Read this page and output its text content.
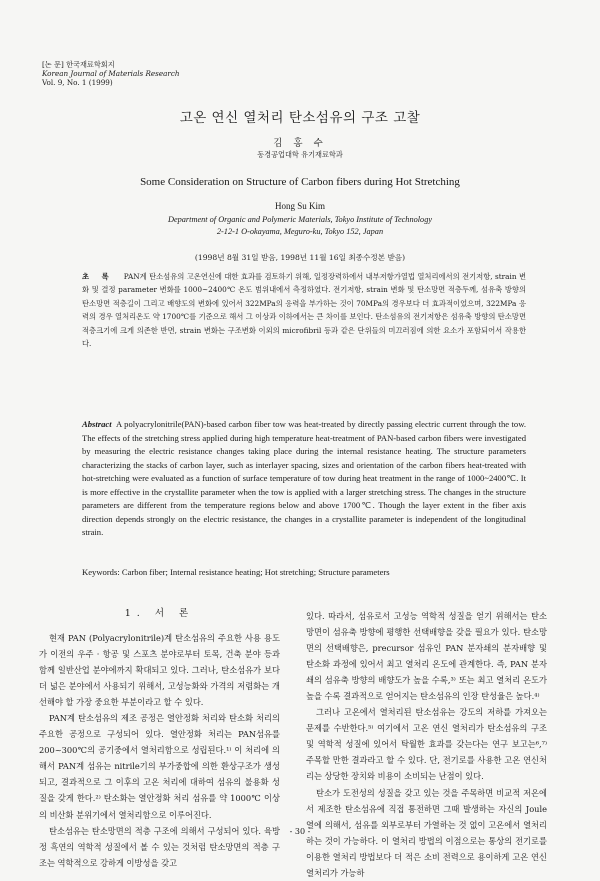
[논 문] 한국재료학회지
Korean Journal of Materials Research
Vol. 9, No. 1 (1999)
고온 연신 열처리 탄소섬유의 구조 고찰
김 홍 수
동경공업대학 유기재료학과
Some Consideration on Structure of Carbon fibers during Hot Stretching
Hong Su Kim
Department of Organic and Polymeric Materials, Tokyo Institute of Technology
2-12-1 O-okayama, Meguro-ku, Tokyo 152, Japan
(1998년 8월 31일 받음, 1998년 11월 16일 최종수정본 받음)
초 록 PAN계 탄소섬유의 고온연신에 대한 효과를 검토하기 위해, 일정장력하에서 내부저항가열법 열처리에서의 전기저항, strain 변화 및 결정 parameter 변화를 1000~2400℃ 온도 범위내에서 측정하였다. 전기저항, strain 변화 및 탄소망면 적층두께, 섬유축 방향의 탄소망면 적층길이 그리고 배향도의 변화에 있어서 322MPa의 응력을 부가하는 것이 70MPa의 경우보다 더 효과적이었으며, 322MPa 응력의 경우 열처리온도 약 1700℃를 기준으로 해서 그 이상과 이하에서는 큰 차이를 보인다. 탄소섬유의 전기저항은 섬유축 방향의 탄소망면 적층크기에 크게 의존한 반면, strain 변화는 구조변화 이외의 microfibril 등과 같은 단위들의 미끄러짐에 의한 요소가 포함되어서 작용한다.
Abstract A polyacrylonitrile(PAN)-based carbon fiber tow was heat-treated by directly passing electric current through the tow. The effects of the stretching stress applied during high temperature heat-treatment of PAN-based carbon fibers were investigated by measuring the electric resistance changes taking place during the internal resistance heating. The structure parameters characterizing the stacks of carbon layer, such as interlayer spacing, sizes and orientation of the carbon fibers heat-treated with hot-stretching were evaluated as a function of surface temperature of tow during heat treatment in the range of 1000~2400℃. It is more effective in the crystallite parameter when the tow is applied with a larger stretching stress. The changes in the structure parameters are different from the temperature regions below and above 1700℃. Though the layer extent in the fiber axis direction depends strongly on the electric resistance, the changes in a crystallite parameter is independent of the longitudinal strain.
Keywords: Carbon fiber; Internal resistance heating; Hot stretching; Structure parameters
1. 서 론

현재 PAN (Polyacrylonitrile)계 탄소섬유의 주요한 사용 용도가 이전의 우주 · 항공 및 스포츠 분야로부터 토목, 건축 분야 등과 함께 일반산업 분야에까지 확대되고 있다. 그러나, 탄소섬유가 보다 더 넓은 분야에서 사용되기 위해서, 고성능화와 가격의 저렴화는 개선해야 할 가장 중요한 부분이라고 할 수 있다.

PAN계 탄소섬유의 제조 공정은 열안정화 처리와 탄소화 처리의 주요한 공정으로 구성되어 있다. 열안정화 처리는 PAN섬유를 200~300℃의 공기중에서 열처리함으로 성립된다.¹⁾ 이 처리에 의해서 PAN계 섬유는 nitrile기의 부가중합에 의한 환상구조가 생성되고, 결과적으로 그 이후의 고온 처리에 대하여 섬유의 불용화 성질을 갖게 한다.²⁾ 탄소화는 열안정화 처리 섬유를 약 1000℃ 이상의 비산화 분위기에서 열처리함으로 이루어진다.

탄소섬유는 탄소망면의 적층 구조에 의해서 구성되어 있다. 육방정 흑연의 역학적 성질에서 볼 수 있는 것처럼 탄소망면의 적층 구조는 역학적으로 강하게 이방성을 갖고

있다. 따라서, 섬유로서 고성능 역학적 성질을 얻기 위해서는 탄소망면이 섬유축 방향에 평행한 선택배향을 갖을 필요가 있다. 탄소망면의 선택배향은, precursor 섬유인 PAN 분자쇄의 분자배향 및 탄소화 과정에 있어서 최고 열처리 온도에 관계한다. 즉, PAN 분자쇄의 섬유축 방향의 배향도가 높을 수록,³⁾ 또는 최고 열처리 온도가 높을 수록 결과적으로 얻어지는 탄소섬유의 인장 탄성율은 높다.⁴⁾

그러나 고온에서 열처리된 탄소섬유는 강도의 저하를 가져오는 문제를 수반한다.⁵⁾ 여기에서 고온 연신 열처리가 탄소섬유의 구조 및 역학적 성질에 있어서 탁월한 효과를 갖는다는 연구 보고는⁶,⁷⁾ 주목할 만한 결과라고 할 수 있다. 단, 전기로를 사용한 고온 연신처리는 상당한 장치와 비용이 소비되는 난점이 있다.

탄소가 도전성의 성질을 갖고 있는 것을 주목하면 비교적 저온에서 제조한 탄소섬유에 직접 통전하면 그때 발생하는 자신의 Joule열에 의해서, 섬유를 외부로부터 가열하는 것 없이 고온에서 열처리 하는 것이 가능하다. 이 열처리 방법의 이점으로는 통상의 전기로를 이용한 열처리 방법보다 더 적은 소비 전력으로 용이하게 고온 연신 열처리가 가능하

- 30 -
